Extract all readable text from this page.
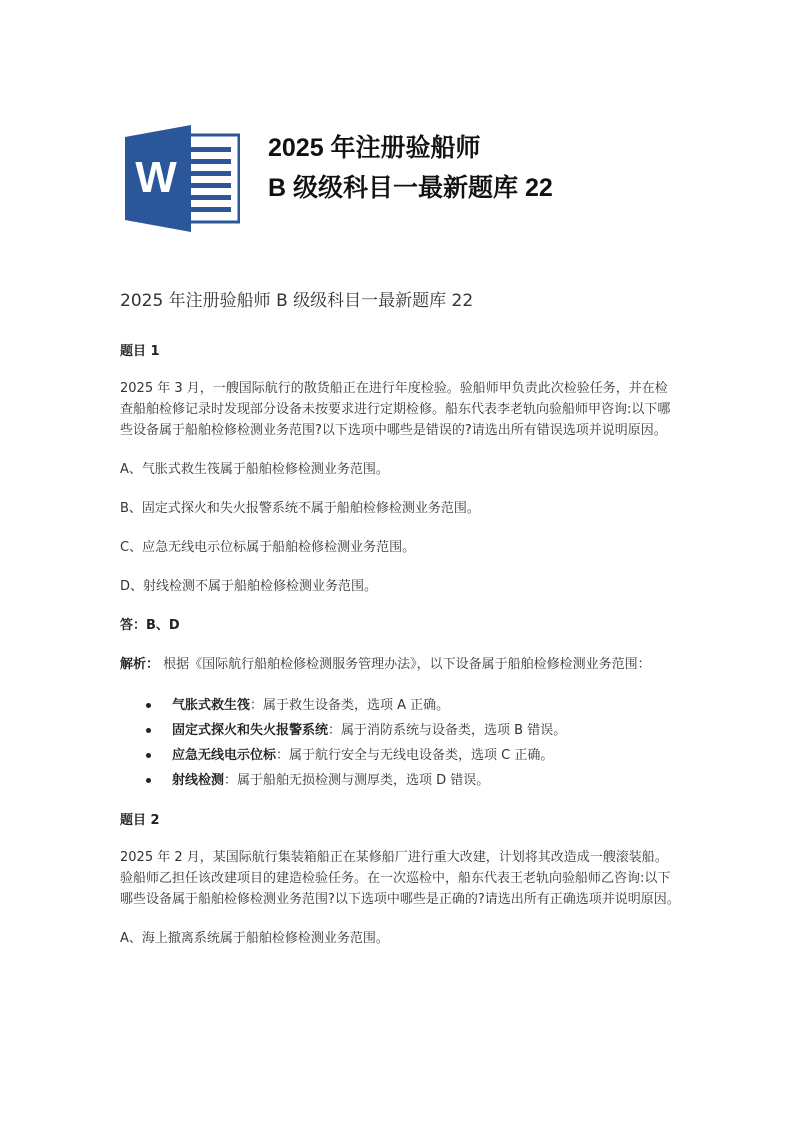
W
2025 年注册验船师
B 级级科目一最新题库 22
2025 年注册验船师 B 级级科目一最新题库 22
题目 1

2025 年 3 月，一艘国际航行的散货船正在进行年度检验。验船师甲负责此次检验任务，并在检查船舶检修记录时发现部分设备未按要求进行定期检修。船东代表李老轨向验船师甲咨询:以下哪些设备属于船舶检修检测业务范围?以下选项中哪些是错误的?请选出所有错误选项并说明原因。

A、气胀式救生筏属于船舶检修检测业务范围。

B、固定式探火和失火报警系统不属于船舶检修检测业务范围。

C、应急无线电示位标属于船舶检修检测业务范围。

D、射线检测不属于船舶检修检测业务范围。

答：B、D

解析： 根据《国际航行船舶检修检测服务管理办法》，以下设备属于船舶检修检测业务范围：

气胀式救生筏：属于救生设备类，选项 A 正确。
固定式探火和失火报警系统：属于消防系统与设备类，选项 B 错误。
应急无线电示位标：属于航行安全与无线电设备类，选项 C 正确。
射线检测：属于船舶无损检测与测厚类，选项 D 错误。
题目 2

2025 年 2 月，某国际航行集装箱船正在某修船厂进行重大改建，计划将其改造成一艘滚装船。验船师乙担任该改建项目的建造检验任务。在一次巡检中，船东代表王老轨向验船师乙咨询:以下哪些设备属于船舶检修检测业务范围?以下选项中哪些是正确的?请选出所有正确选项并说明原因。

A、海上撤离系统属于船舶检修检测业务范围。
